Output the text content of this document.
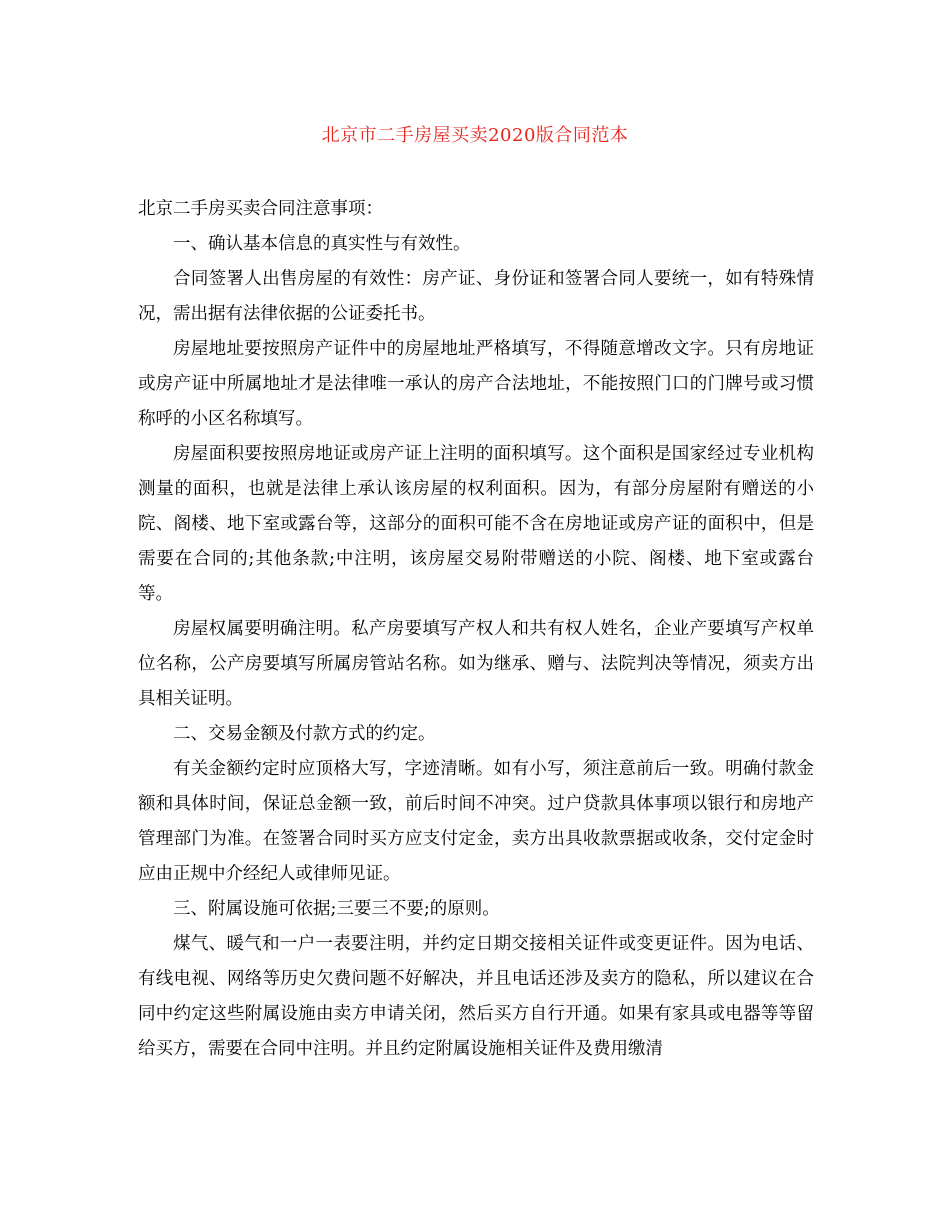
北京市二手房屋买卖2020版合同范本

北京二手房买卖合同注意事项：

一、确认基本信息的真实性与有效性。

合同签署人出售房屋的有效性：房产证、身份证和签署合同人要统一，如有特殊情况，需出据有法律依据的公证委托书。

房屋地址要按照房产证件中的房屋地址严格填写，不得随意增改文字。只有房地证或房产证中所属地址才是法律唯一承认的房产合法地址，不能按照门口的门牌号或习惯称呼的小区名称填写。

房屋面积要按照房地证或房产证上注明的面积填写。这个面积是国家经过专业机构测量的面积，也就是法律上承认该房屋的权利面积。因为，有部分房屋附有赠送的小院、阁楼、地下室或露台等，这部分的面积可能不含在房地证或房产证的面积中，但是需要在合同的;其他条款;中注明，该房屋交易附带赠送的小院、阁楼、地下室或露台等。

房屋权属要明确注明。私产房要填写产权人和共有权人姓名，企业产要填写产权单位名称，公产房要填写所属房管站名称。如为继承、赠与、法院判决等情况，须卖方出具相关证明。

二、交易金额及付款方式的约定。

有关金额约定时应顶格大写，字迹清晰。如有小写，须注意前后一致。明确付款金额和具体时间，保证总金额一致，前后时间不冲突。过户贷款具体事项以银行和房地产管理部门为准。在签署合同时买方应支付定金，卖方出具收款票据或收条，交付定金时应由正规中介经纪人或律师见证。

三、附属设施可依据;三要三不要;的原则。

煤气、暖气和一户一表要注明，并约定日期交接相关证件或变更证件。因为电话、有线电视、网络等历史欠费问题不好解决，并且电话还涉及卖方的隐私，所以建议在合同中约定这些附属设施由卖方申请关闭，然后买方自行开通。如果有家具或电器等等留给买方，需要在合同中注明。并且约定附属设施相关证件及费用缴清
